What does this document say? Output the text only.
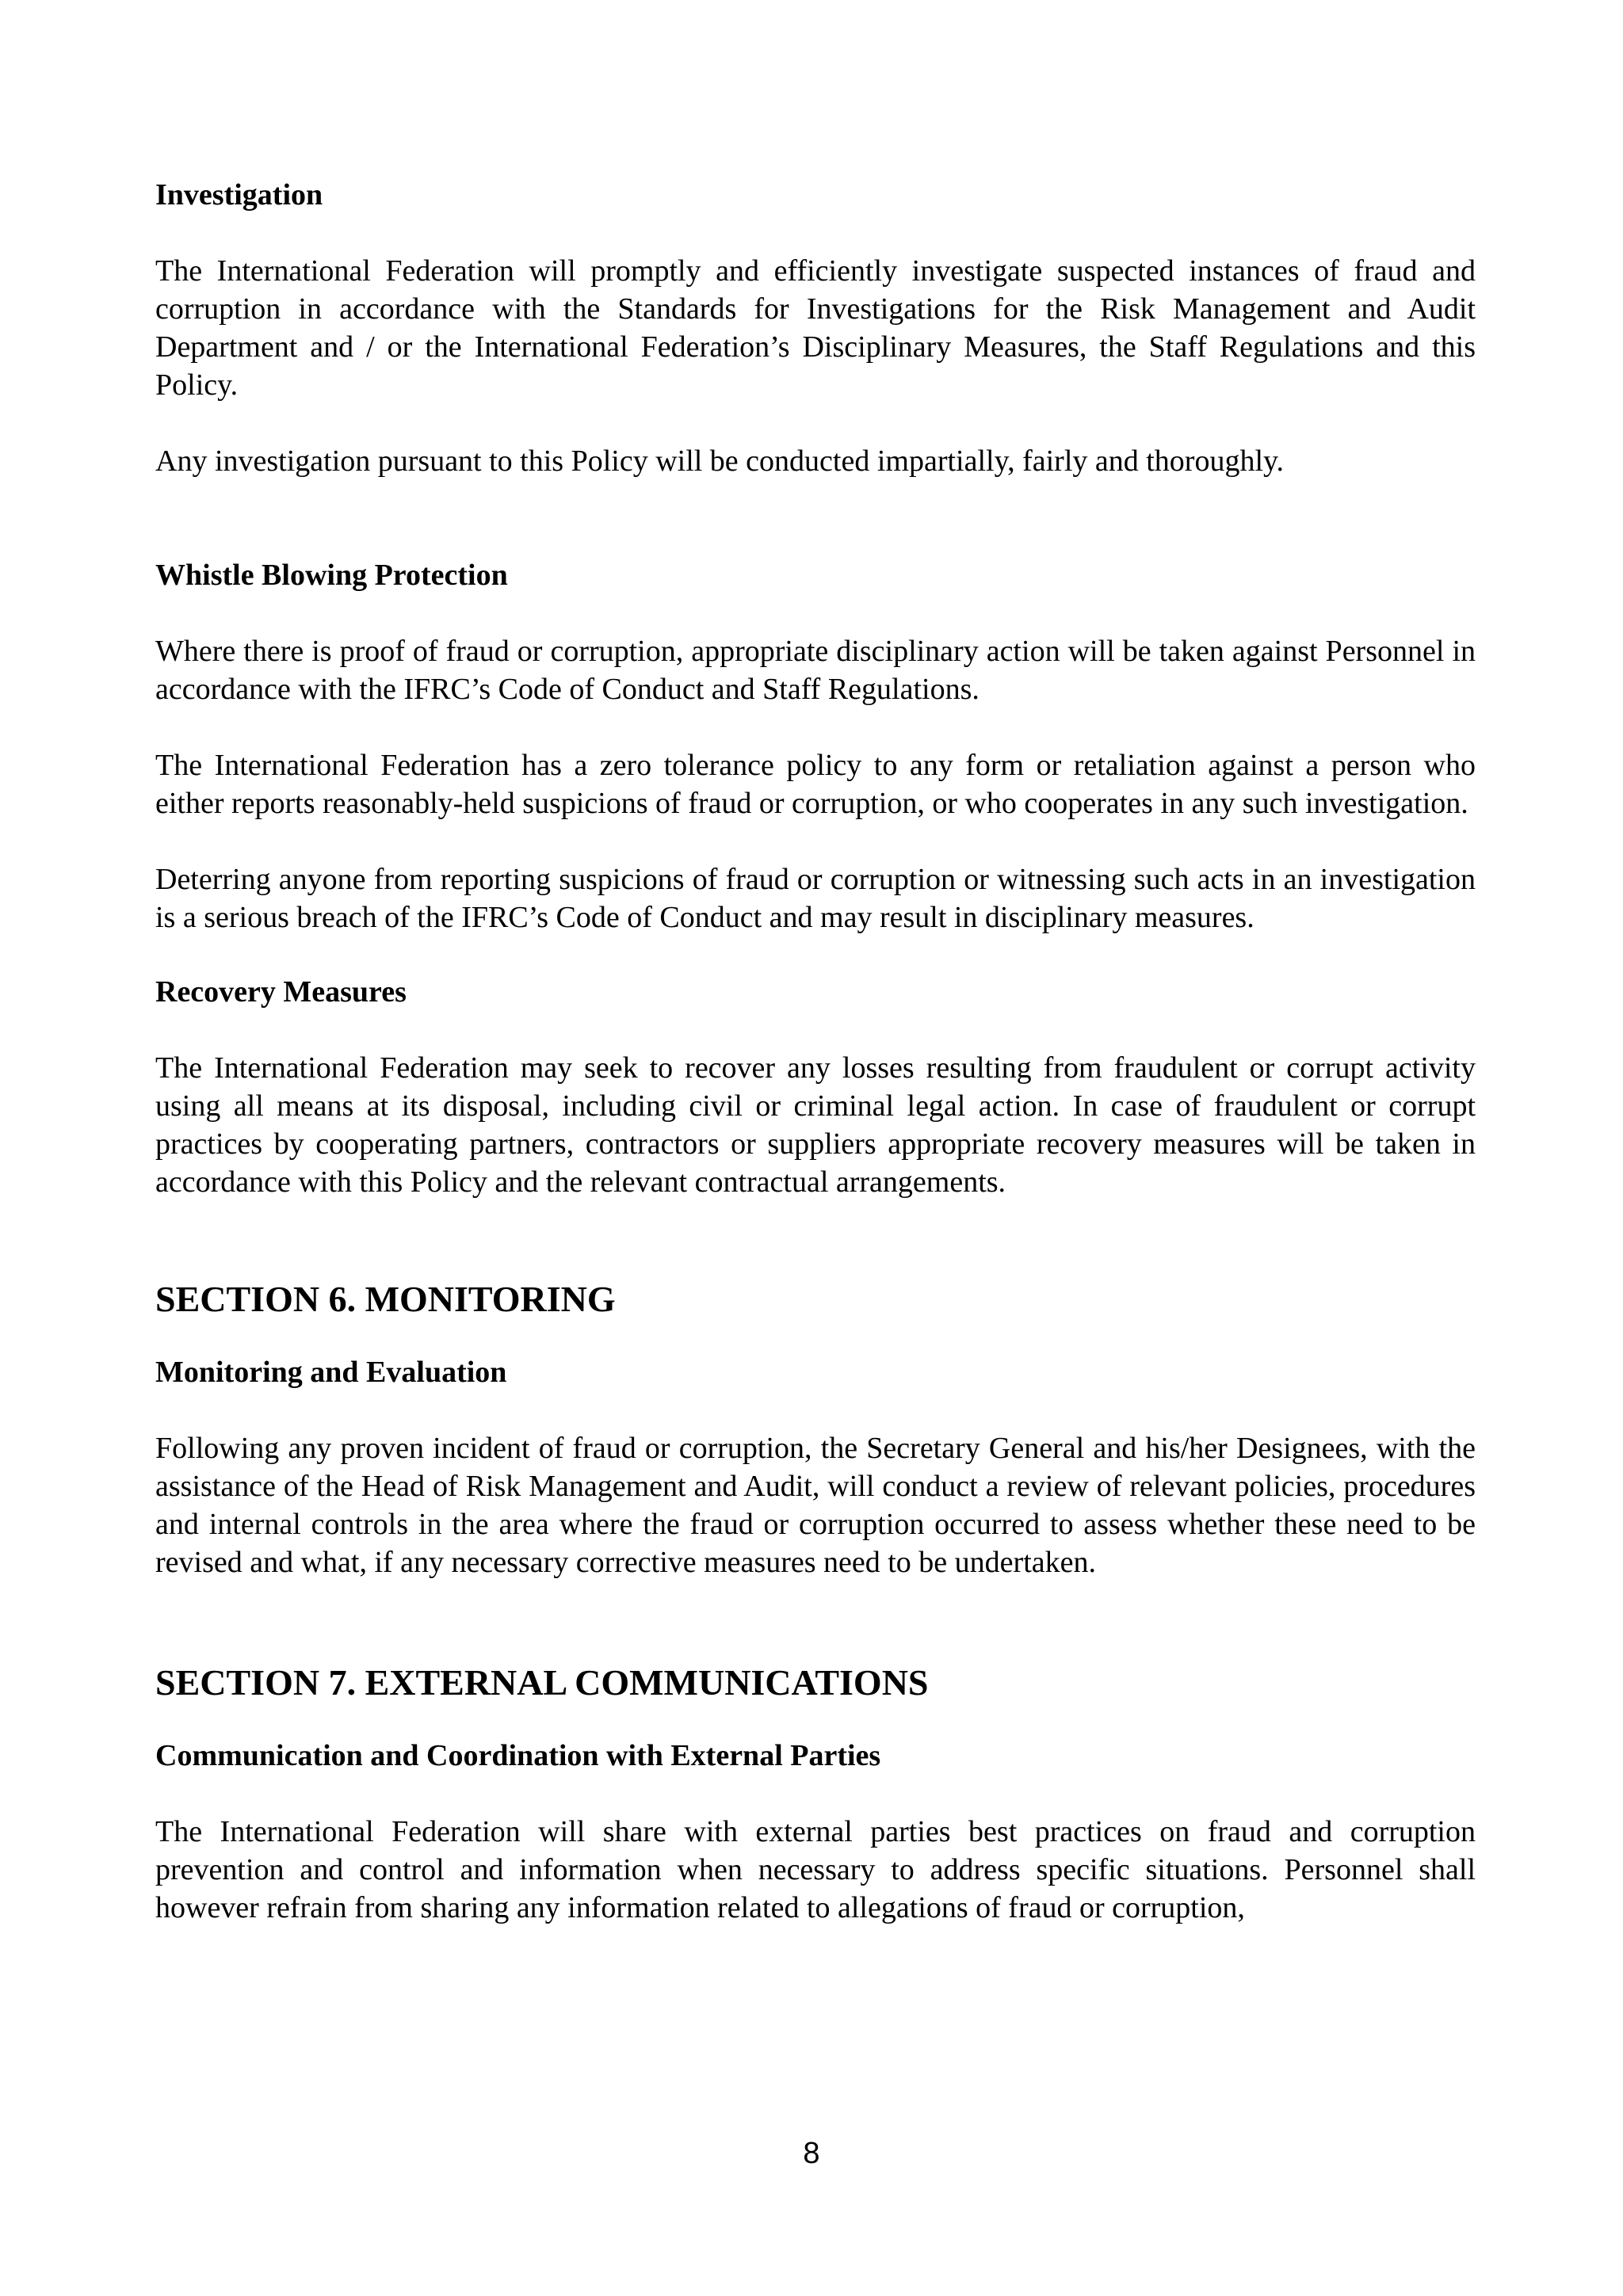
Investigation

The International Federation will promptly and efficiently investigate suspected instances of fraud and corruption in accordance with the Standards for Investigations for the Risk Management and Audit Department and / or the International Federation’s Disciplinary Measures, the Staff Regulations and this Policy.

Any investigation pursuant to this Policy will be conducted impartially, fairly and thoroughly.

Whistle Blowing Protection

Where there is proof of fraud or corruption, appropriate disciplinary action will be taken against Personnel in accordance with the IFRC’s Code of Conduct and Staff Regulations.

The International Federation has a zero tolerance policy to any form or retaliation against a person who either reports reasonably-held suspicions of fraud or corruption, or who cooperates in any such investigation.

Deterring anyone from reporting suspicions of fraud or corruption or witnessing such acts in an investigation is a serious breach of the IFRC’s Code of Conduct and may result in disciplinary measures.

Recovery Measures

The International Federation may seek to recover any losses resulting from fraudulent or corrupt activity using all means at its disposal, including civil or criminal legal action. In case of fraudulent or corrupt practices by cooperating partners, contractors or suppliers appropriate recovery measures will be taken in accordance with this Policy and the relevant contractual arrangements.

SECTION 6. MONITORING

Monitoring and Evaluation

Following any proven incident of fraud or corruption, the Secretary General and his/her Designees, with the assistance of the Head of Risk Management and Audit, will conduct a review of relevant policies, procedures and internal controls in the area where the fraud or corruption occurred to assess whether these need to be revised and what, if any necessary corrective measures need to be undertaken.

SECTION 7. EXTERNAL COMMUNICATIONS

Communication and Coordination with External Parties

The International Federation will share with external parties best practices on fraud and corruption prevention and control and information when necessary to address specific situations. Personnel shall however refrain from sharing any information related to allegations of fraud or corruption,

8
